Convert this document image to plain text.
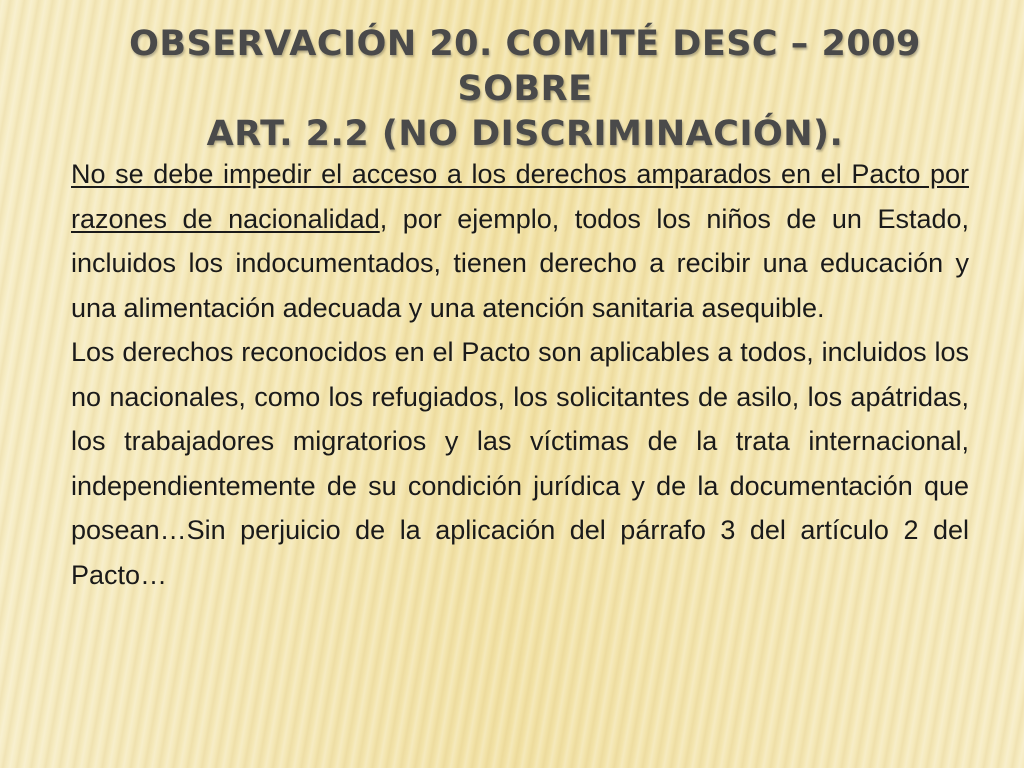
OBSERVACIÓN 20. COMITÉ DESC – 2009 SOBRE
ART. 2.2 (NO DISCRIMINACIÓN).

No se debe impedir el acceso a los derechos amparados en el Pacto por razones de nacionalidad, por ejemplo, todos los niños de un Estado, incluidos los indocumentados, tienen derecho a recibir una educación y una alimentación adecuada y una atención sanitaria asequible.

Los derechos reconocidos en el Pacto son aplicables a todos, incluidos los no nacionales, como los refugiados, los solicitantes de asilo, los apátridas, los trabajadores migratorios y las víctimas de la trata internacional, independientemente de su condición jurídica y de la documentación que posean…Sin perjuicio de la aplicación del párrafo 3 del artículo 2 del Pacto…
